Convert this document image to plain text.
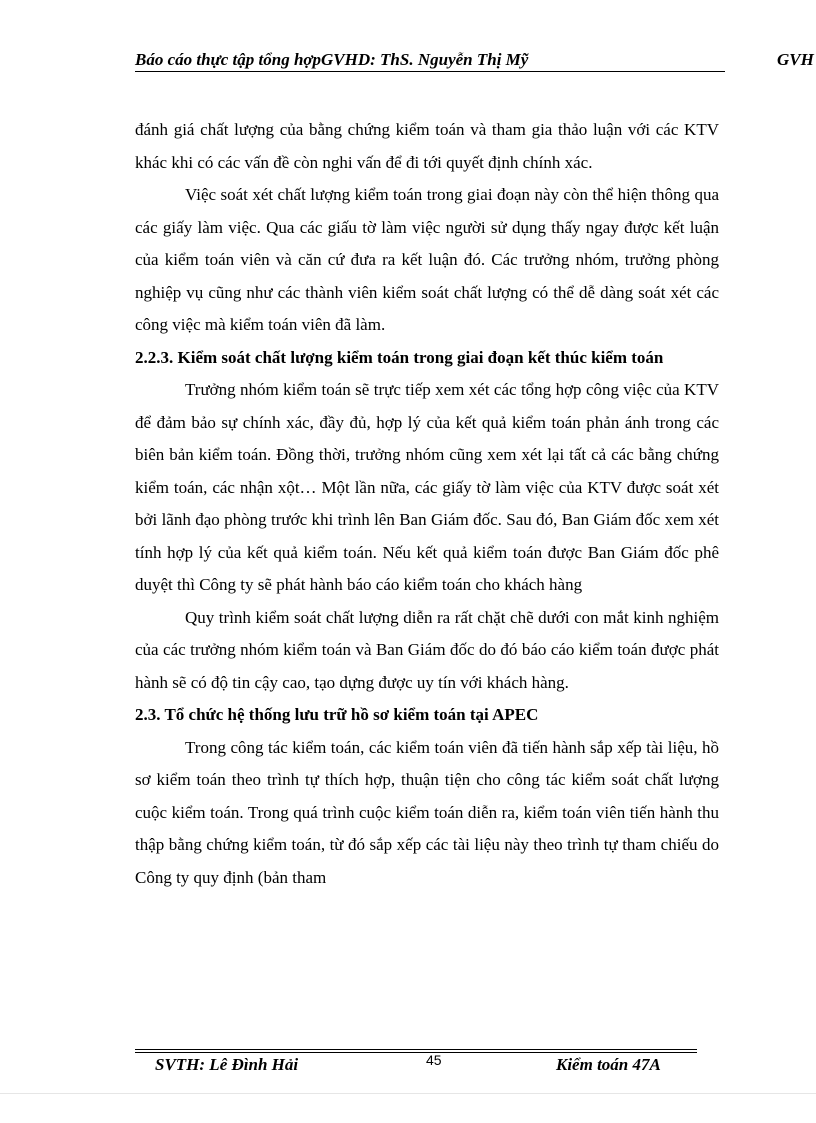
Báo cáo thực tập tổng hợpGVHD: ThS. Nguyễn Thị Mỹ	GVH

đánh giá chất lượng của bằng chứng kiểm toán và tham gia thảo luận với các KTV khác khi có các vấn đề còn nghi vấn để đi tới quyết định chính xác.

Việc soát xét chất lượng kiểm toán trong giai đoạn này còn thể hiện thông qua các giấy làm việc. Qua các giấu tờ làm việc người sử dụng thấy ngay được kết luận của kiểm toán viên và căn cứ đưa ra kết luận đó. Các trưởng nhóm, trưởng phòng nghiệp vụ cũng như các thành viên kiểm soát chất lượng có thể dễ dàng soát xét các công việc mà kiểm toán viên đã làm.

2.2.3. Kiểm soát chất lượng kiểm toán trong giai đoạn kết thúc kiểm toán

Trưởng nhóm kiểm toán sẽ trực tiếp xem xét các tổng hợp công việc của KTV để đảm bảo sự chính xác, đầy đủ, hợp lý của kết quả kiểm toán phản ánh trong các biên bản kiểm toán. Đồng thời, trưởng nhóm cũng xem xét lại tất cả các bằng chứng kiểm toán, các nhận xột… Một lần nữa, các giấy tờ làm việc của KTV được soát xét bởi lãnh đạo phòng trước khi trình lên Ban Giám đốc. Sau đó, Ban Giám đốc xem xét tính hợp lý của kết quả kiểm toán. Nếu kết quả kiểm toán được Ban Giám đốc phê duyệt thì Công ty sẽ phát hành báo cáo kiểm toán cho khách hàng

Quy trình kiểm soát chất lượng diễn ra rất chặt chẽ dưới con mắt kinh nghiệm của các trưởng nhóm kiểm toán và Ban Giám đốc do đó báo cáo kiểm toán được phát hành sẽ có độ tin cậy cao, tạo dựng được uy tín với khách hàng.

2.3. Tổ chức hệ thống lưu trữ hồ sơ kiểm toán tại APEC

Trong công tác kiểm toán, các kiểm toán viên đã tiến hành sắp xếp tài liệu, hồ sơ kiểm toán theo trình tự thích hợp, thuận tiện cho công tác kiểm soát chất lượng cuộc kiểm toán. Trong quá trình cuộc kiểm toán diễn ra, kiểm toán viên tiến hành thu thập bằng chứng kiểm toán, từ đó sắp xếp các tài liệu này theo trình tự tham chiếu do Công ty quy định (bản tham

SVTH: Lê Đình Hải	45	Kiểm toán 47A
